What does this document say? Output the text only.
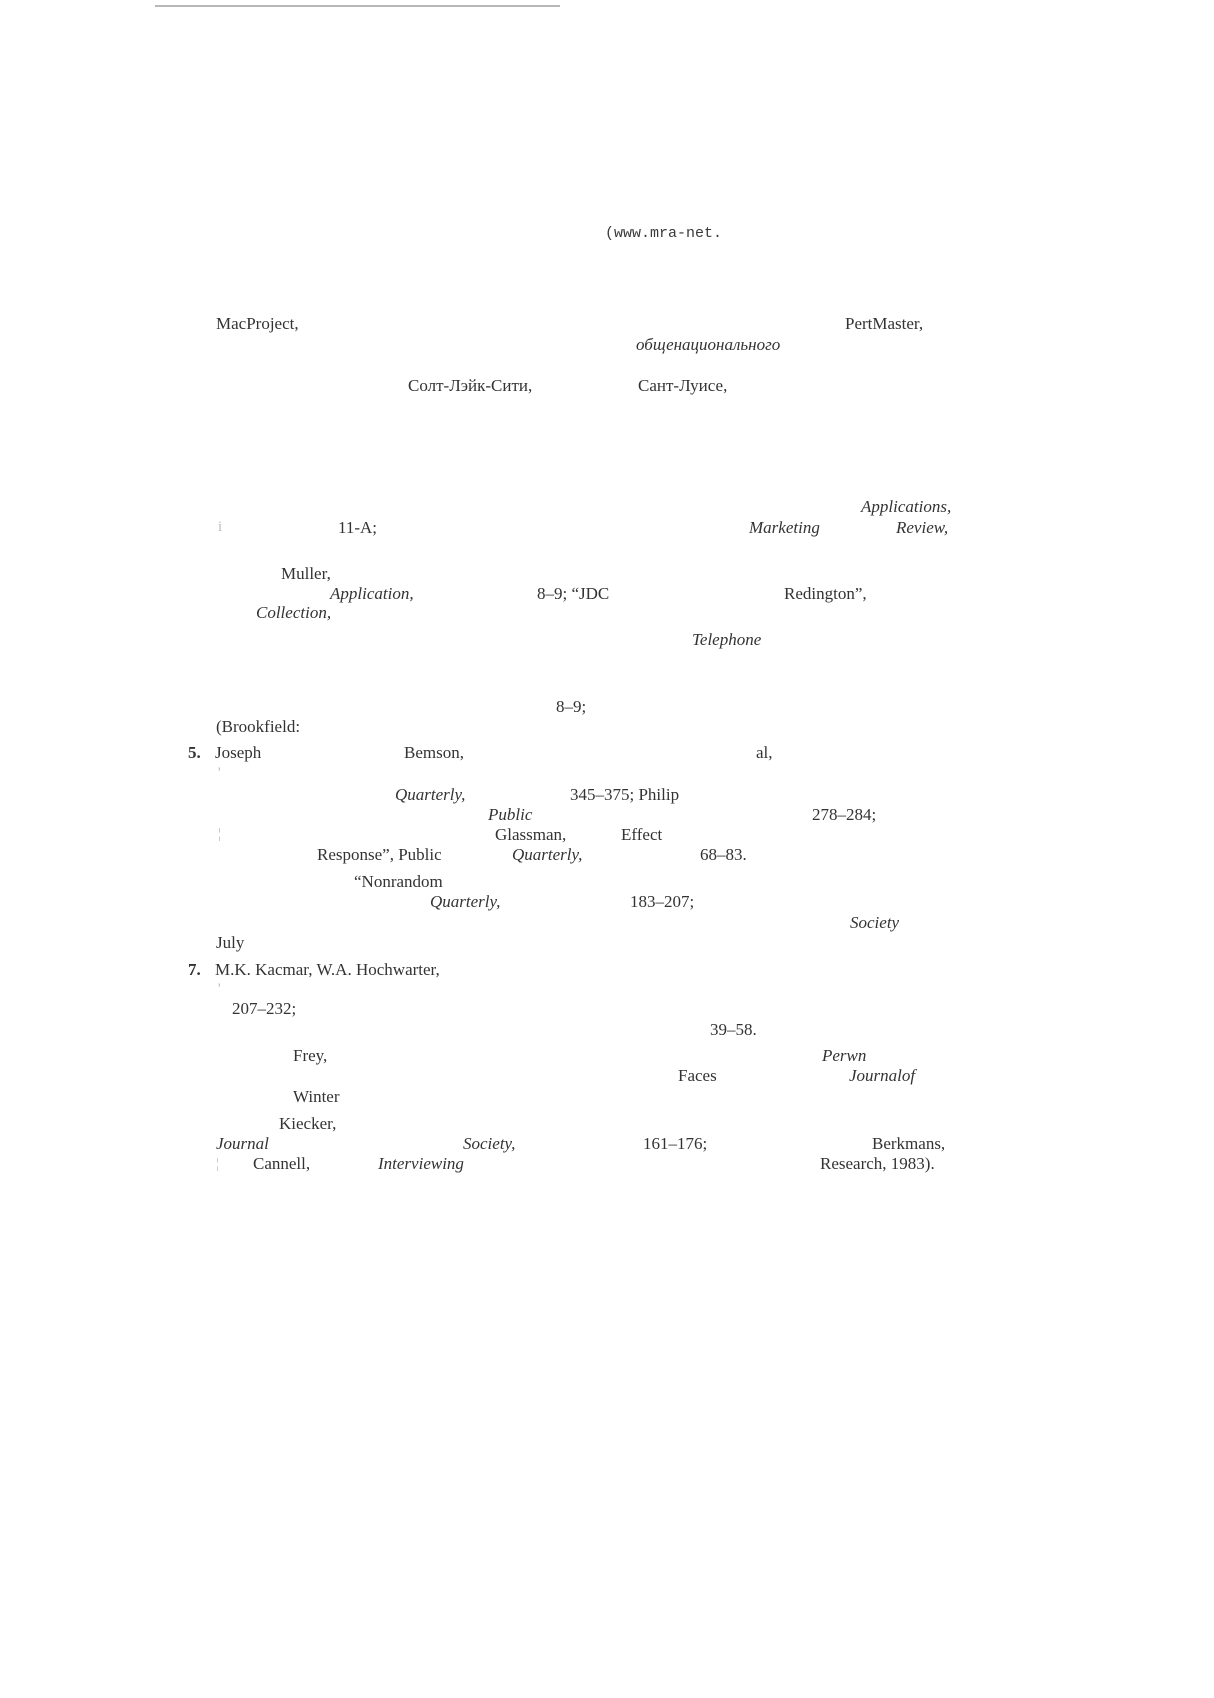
(www.mra-net.
MacProject,	PertMaster,
общенационального
Солт-Лэйк-Сити,	Сант-Луисе,
Applications,
i	11-A;	Marketing	Review,
Muller,
Application,	8–9; “JDC	Redington”,
Collection,
Telephone
8–9;
(Brookfield:
5. Joseph	Bemson,	al,
'
Quarterly,	345–375; Philip
Public	278–284;
Glassman,	Effect
¦
Response”, Public	Quarterly,	68–83.
“Nonrandom
Quarterly,	183–207;
Society
July
7. M.K. Kacmar, W.A. Hochwarter,
'
207–232;
39–58.
Frey,	Perwn
Faces	Journalof
Winter
Kiecker,
Journal	Society,	161–176;	Berkmans,
¦ Cannell,	Interviewing	Research, 1983).
